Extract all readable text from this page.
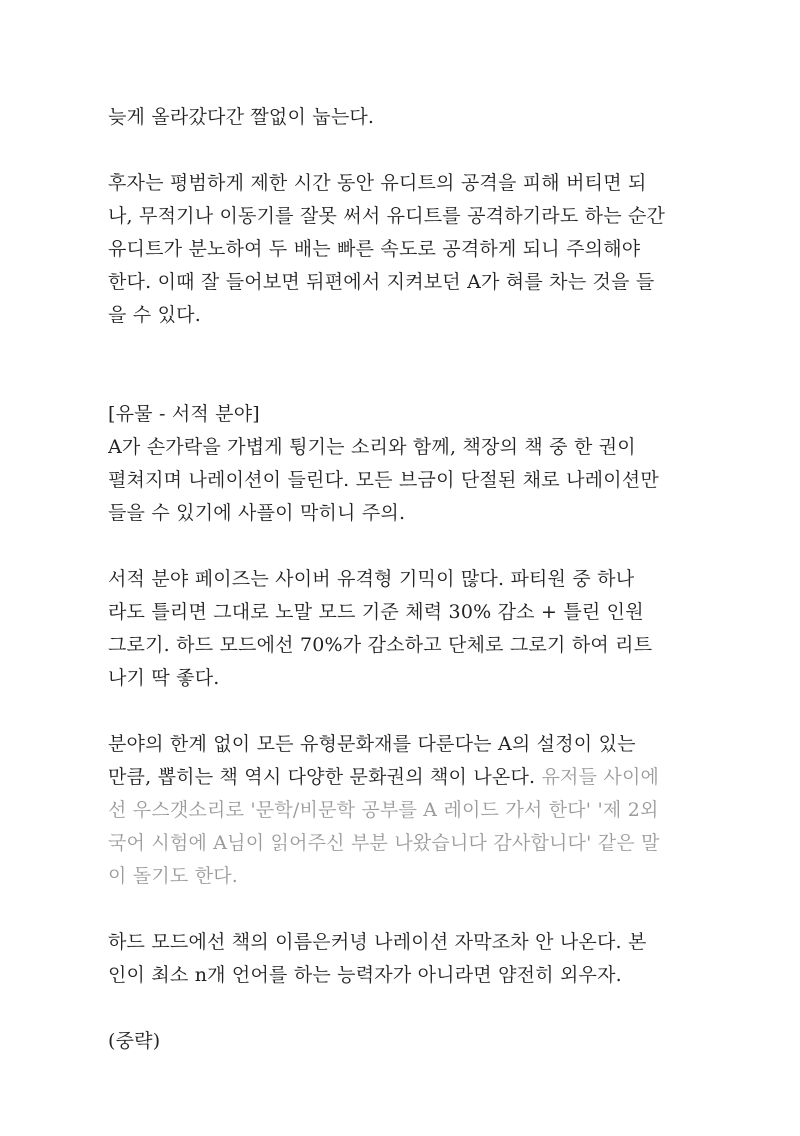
늦게 올라갔다간 짤없이 눕는다.
후자는 평범하게 제한 시간 동안 유디트의 공격을 피해 버티면 되
나, 무적기나 이동기를 잘못 써서 유디트를 공격하기라도 하는 순간
유디트가 분노하여 두 배는 빠른 속도로 공격하게 되니 주의해야
한다. 이때 잘 들어보면 뒤편에서 지켜보던 A가 혀를 차는 것을 들
을 수 있다.
[유물 - 서적 분야]
A가 손가락을 가볍게 튕기는 소리와 함께, 책장의 책 중 한 권이
펼쳐지며 나레이션이 들린다. 모든 브금이 단절된 채로 나레이션만
들을 수 있기에 사플이 막히니 주의.
서적 분야 페이즈는 사이버 유격형 기믹이 많다. 파티원 중 하나
라도 틀리면 그대로 노말 모드 기준 체력 30% 감소 + 틀린 인원
그로기. 하드 모드에선 70%가 감소하고 단체로 그로기 하여 리트
나기 딱 좋다.
분야의 한계 없이 모든 유형문화재를 다룬다는 A의 설정이 있는
만큼, 뽑히는 책 역시 다양한 문화권의 책이 나온다. 유저들 사이에
선 우스갯소리로 '문학/비문학 공부를 A 레이드 가서 한다' '제 2외
국어 시험에 A님이 읽어주신 부분 나왔습니다 감사합니다' 같은 말
이 돌기도 한다.
하드 모드에선 책의 이름은커녕 나레이션 자막조차 안 나온다. 본
인이 최소 n개 언어를 하는 능력자가 아니라면 얌전히 외우자.
(중략)
